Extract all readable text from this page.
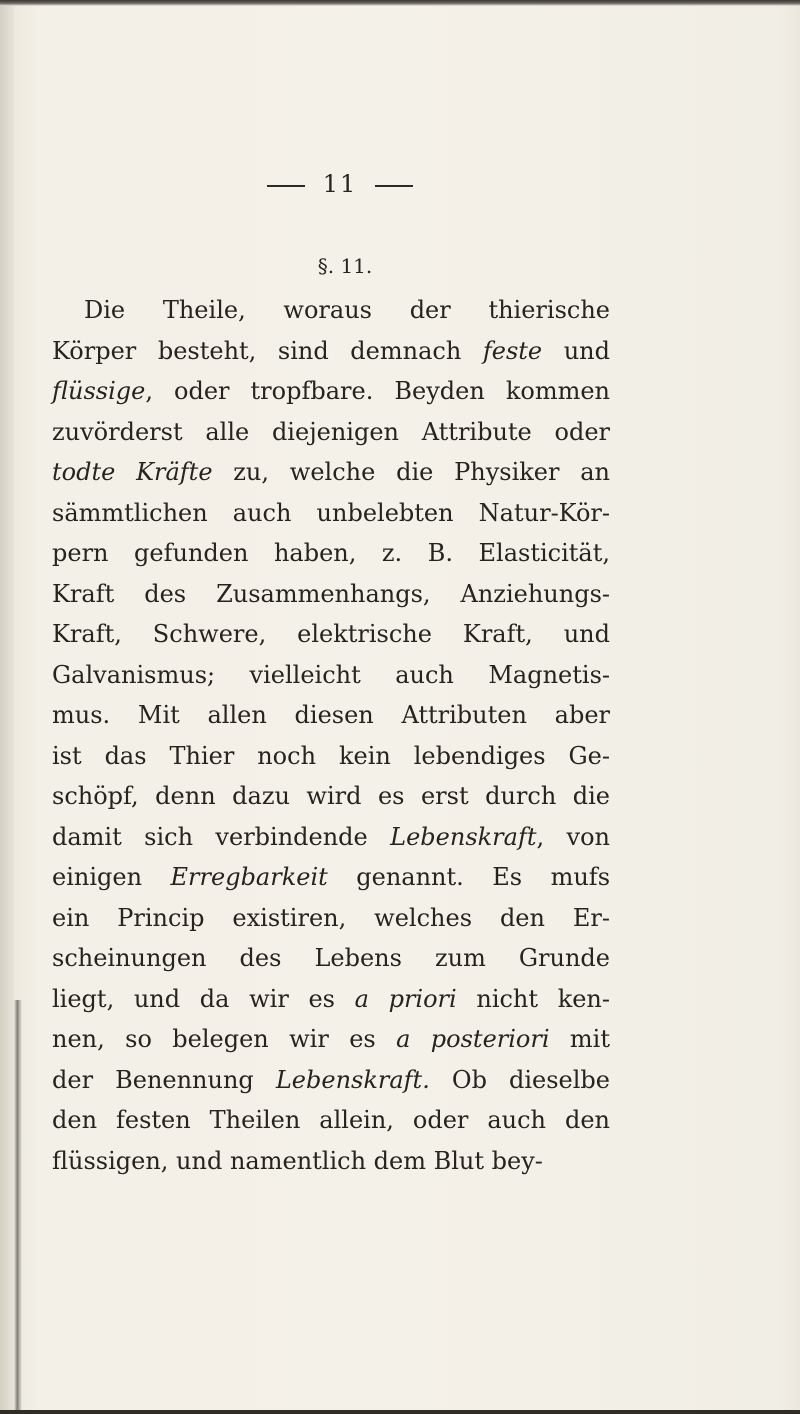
11
§. 11.
Die Theile, woraus der thierische
Körper besteht, sind demnach feste und
flüssige, oder tropfbare. Beyden kommen
zuvörderst alle diejenigen Attribute oder
todte Kräfte zu, welche die Physiker an
sämmtlichen auch unbelebten Natur-Kör-
pern gefunden haben, z. B. Elasticität,
Kraft des Zusammenhangs, Anziehungs-
Kraft, Schwere, elektrische Kraft, und
Galvanismus; vielleicht auch Magnetis-
mus. Mit allen diesen Attributen aber
ist das Thier noch kein lebendiges Ge-
schöpf, denn dazu wird es erst durch die
damit sich verbindende Lebenskraft, von
einigen Erregbarkeit genannt. Es mufs
ein Princip existiren, welches den Er-
scheinungen des Lebens zum Grunde
liegt, und da wir es a priori nicht ken-
nen, so belegen wir es a posteriori mit
der Benennung Lebenskraft. Ob dieselbe
den festen Theilen allein, oder auch den
flüssigen, und namentlich dem Blut bey-
